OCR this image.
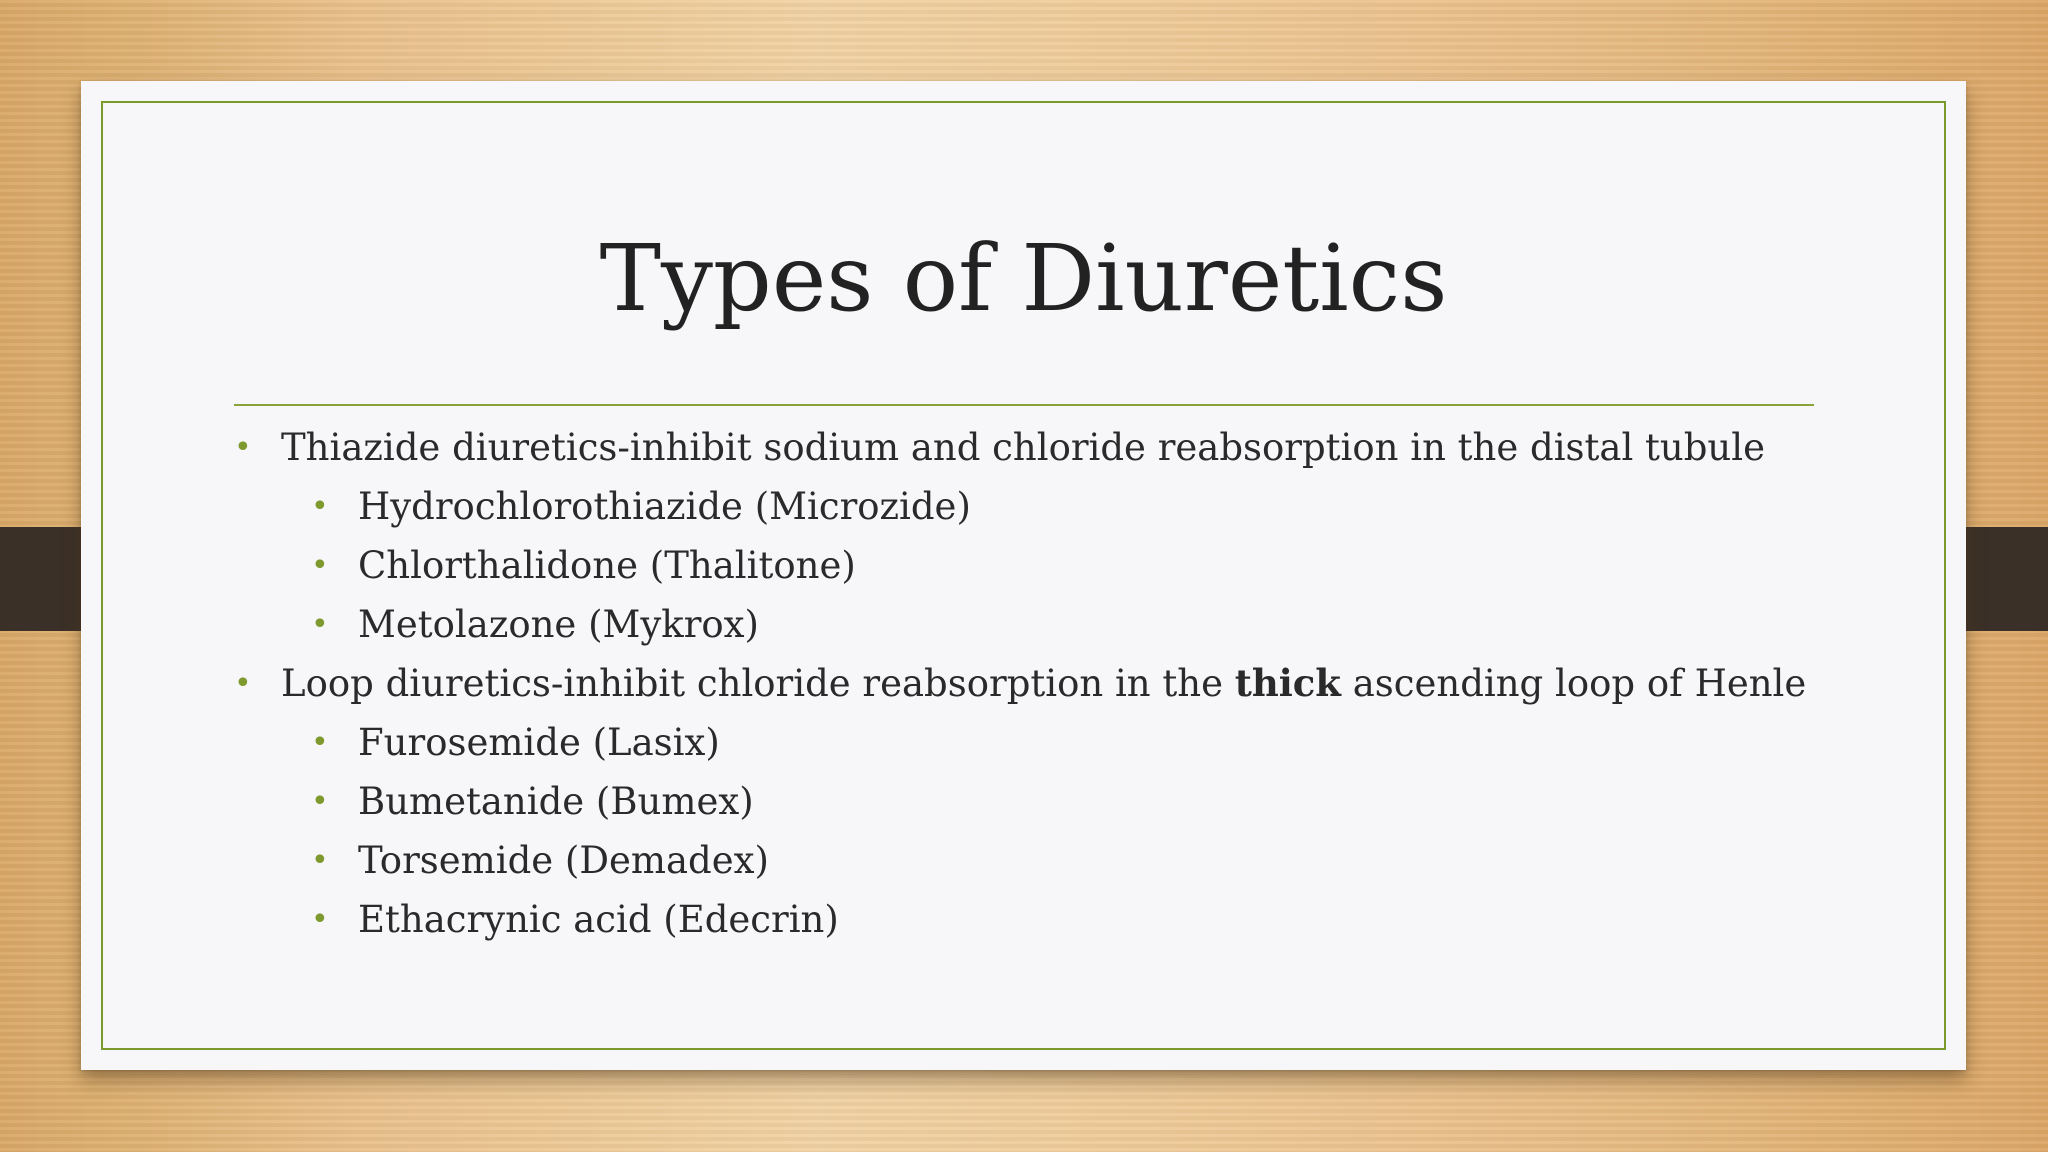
Types of Diuretics
• Thiazide diuretics-inhibit sodium and chloride reabsorption in the distal tubule
• Hydrochlorothiazide (Microzide)
• Chlorthalidone (Thalitone)
• Metolazone (Mykrox)
• Loop diuretics-inhibit chloride reabsorption in the thick ascending loop of Henle
• Furosemide (Lasix)
• Bumetanide (Bumex)
• Torsemide (Demadex)
• Ethacrynic acid (Edecrin)
